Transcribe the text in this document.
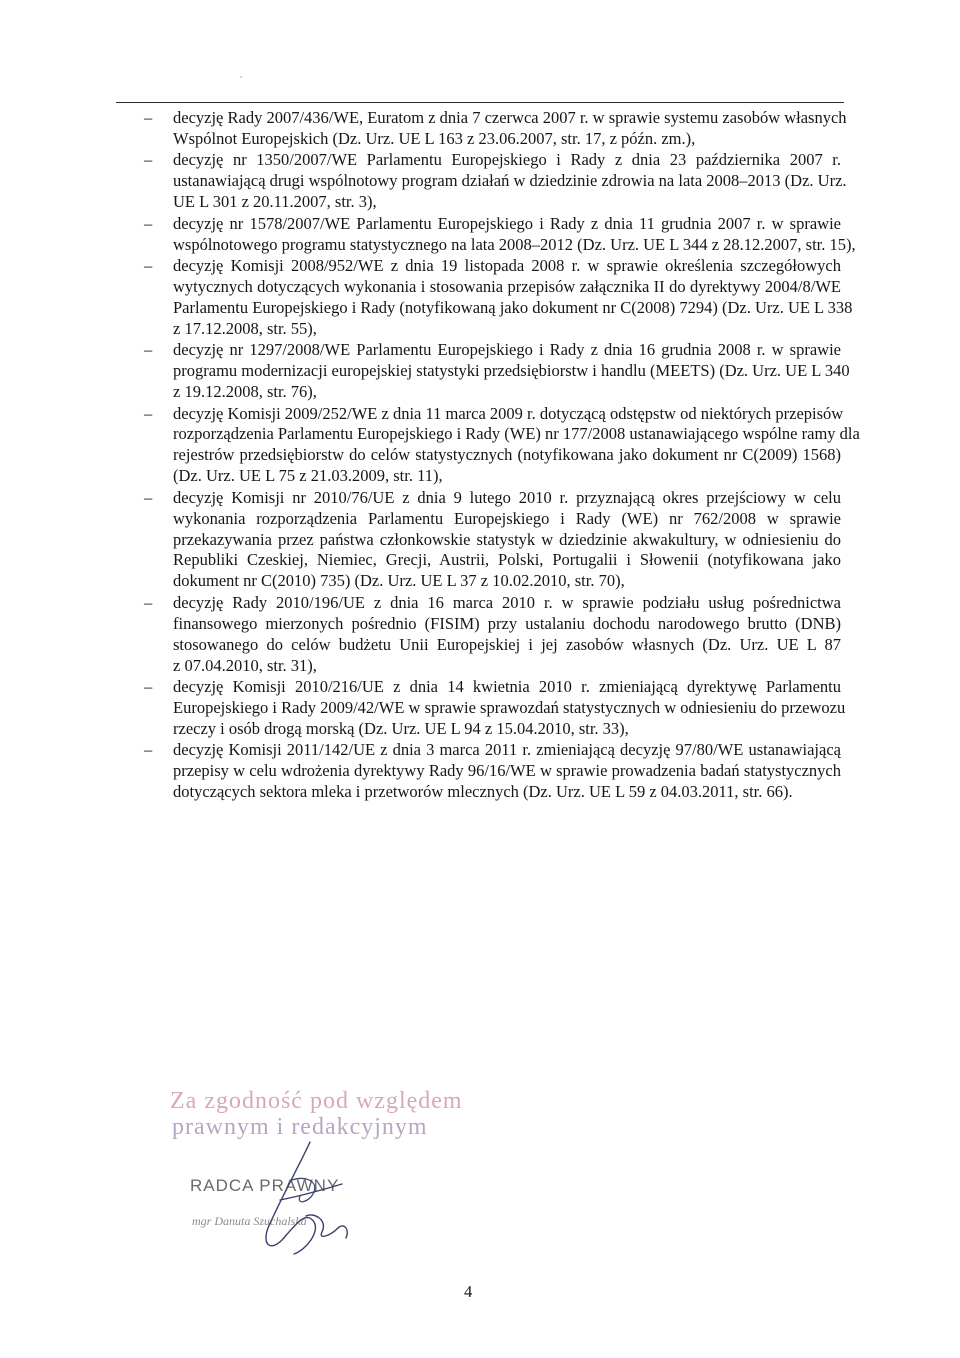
– decyzję Rady 2007/436/WE, Euratom z dnia 7 czerwca 2007 r. w sprawie systemu zasobów własnych
Wspólnot Europejskich (Dz. Urz. UE L 163 z 23.06.2007, str. 17, z późn. zm.),
– decyzję nr 1350/2007/WE Parlamentu Europejskiego i Rady z dnia 23 października 2007 r.
ustanawiającą drugi wspólnotowy program działań w dziedzinie zdrowia na lata 2008–2013 (Dz. Urz.
UE L 301 z 20.11.2007, str. 3),
– decyzję nr 1578/2007/WE Parlamentu Europejskiego i Rady z dnia 11 grudnia 2007 r. w sprawie
wspólnotowego programu statystycznego na lata 2008–2012 (Dz. Urz. UE L 344 z 28.12.2007, str. 15),
– decyzję Komisji 2008/952/WE z dnia 19 listopada 2008 r. w sprawie określenia szczegółowych
wytycznych dotyczących wykonania i stosowania przepisów załącznika II do dyrektywy 2004/8/WE
Parlamentu Europejskiego i Rady (notyfikowaną jako dokument nr C(2008) 7294) (Dz. Urz. UE L 338
z 17.12.2008, str. 55),
– decyzję nr 1297/2008/WE Parlamentu Europejskiego i Rady z dnia 16 grudnia 2008 r. w sprawie
programu modernizacji europejskiej statystyki przedsiębiorstw i handlu (MEETS) (Dz. Urz. UE L 340
z 19.12.2008, str. 76),
– decyzję Komisji 2009/252/WE z dnia 11 marca 2009 r. dotyczącą odstępstw od niektórych przepisów
rozporządzenia Parlamentu Europejskiego i Rady (WE) nr 177/2008 ustanawiającego wspólne ramy dla
rejestrów przedsiębiorstw do celów statystycznych (notyfikowana jako dokument nr C(2009) 1568)
(Dz. Urz. UE L 75 z 21.03.2009, str. 11),
– decyzję Komisji nr 2010/76/UE z dnia 9 lutego 2010 r. przyznającą okres przejściowy w celu
wykonania rozporządzenia Parlamentu Europejskiego i Rady (WE) nr 762/2008 w sprawie
przekazywania przez państwa członkowskie statystyk w dziedzinie akwakultury, w odniesieniu do
Republiki Czeskiej, Niemiec, Grecji, Austrii, Polski, Portugalii i Słowenii (notyfikowana jako
dokument nr C(2010) 735) (Dz. Urz. UE L 37 z 10.02.2010, str. 70),
– decyzję Rady 2010/196/UE z dnia 16 marca 2010 r. w sprawie podziału usług pośrednictwa
finansowego mierzonych pośrednio (FISIM) przy ustalaniu dochodu narodowego brutto (DNB)
stosowanego do celów budżetu Unii Europejskiej i jej zasobów własnych (Dz. Urz. UE L 87
z 07.04.2010, str. 31),
– decyzję Komisji 2010/216/UE z dnia 14 kwietnia 2010 r. zmieniającą dyrektywę Parlamentu
Europejskiego i Rady 2009/42/WE w sprawie sprawozdań statystycznych w odniesieniu do przewozu
rzeczy i osób drogą morską (Dz. Urz. UE L 94 z 15.04.2010, str. 33),
– decyzję Komisji 2011/142/UE z dnia 3 marca 2011 r. zmieniającą decyzję 97/80/WE ustanawiającą
przepisy w celu wdrożenia dyrektywy Rady 96/16/WE w sprawie prowadzenia badań statystycznych
dotyczących sektora mleka i przetworów mlecznych (Dz. Urz. UE L 59 z 04.03.2011, str. 66).
Za zgodność pod względem
prawnym i redakcyjnym
RADCA PRAWNY
mgr Danuta Szuchalska
4
